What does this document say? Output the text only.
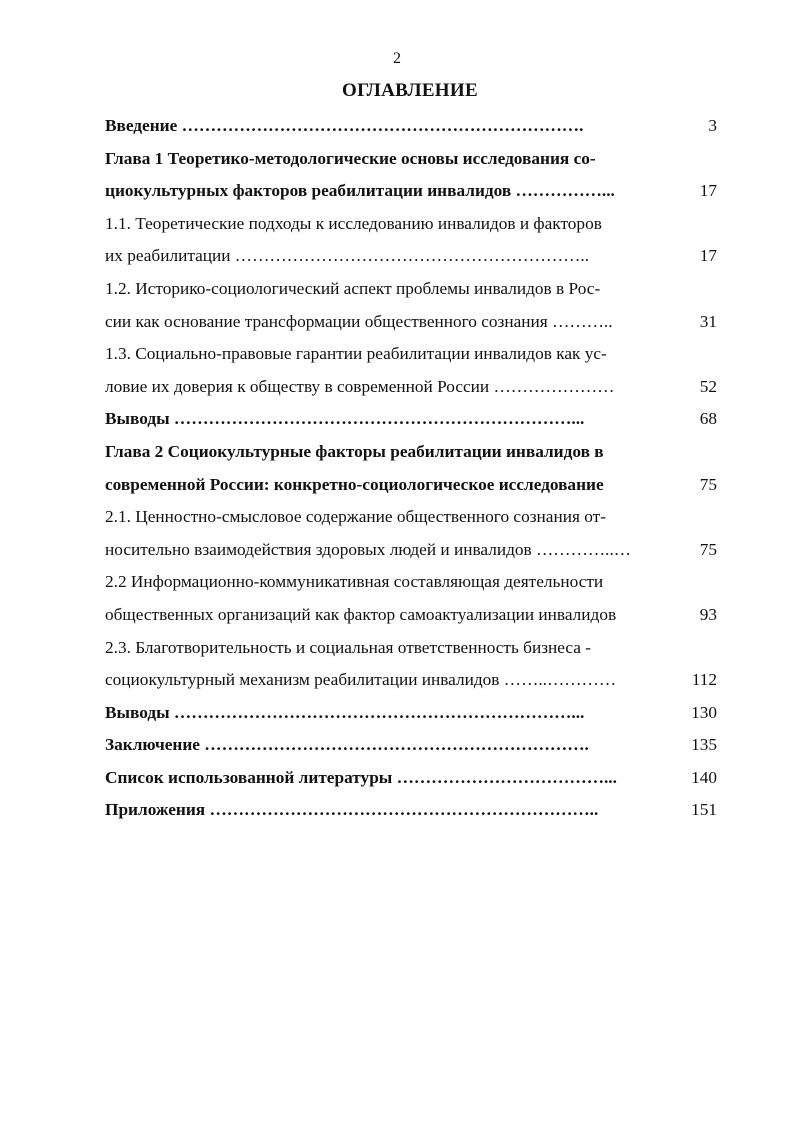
2
ОГЛАВЛЕНИЕ
Введение …………………………………………………………….	3
Глава 1 Теоретико-методологические основы исследования со-
циокультурных факторов реабилитации инвалидов ……………...	17
1.1. Теоретические подходы к исследованию инвалидов и факторов
их реабилитации ……………………………………………………..	17
1.2. Историко-социологический аспект проблемы инвалидов в Рос-
сии как основание трансформации общественного сознания ………..	31
1.3. Социально-правовые гарантии реабилитации инвалидов как ус-
ловие их доверия к обществу в современной России …………………	52
Выводы ……………………………………………………………...	68
Глава 2 Социокультурные факторы реабилитации инвалидов в
современной России: конкретно-социологическое исследование	75
2.1. Ценностно-смысловое содержание общественного сознания от-
носительно взаимодействия здоровых людей и инвалидов …………..…	75
2.2 Информационно-коммуникативная составляющая деятельности
общественных организаций как фактор самоактуализации инвалидов	93
2.3. Благотворительность и социальная ответственность бизнеса -
социокультурный механизм реабилитации инвалидов ……..…………	112
Выводы ……………………………………………………………...	130
Заключение ………………………………………………………….	135
Список использованной литературы ………………………………...	140
Приложения …………………………………………………………..	151
